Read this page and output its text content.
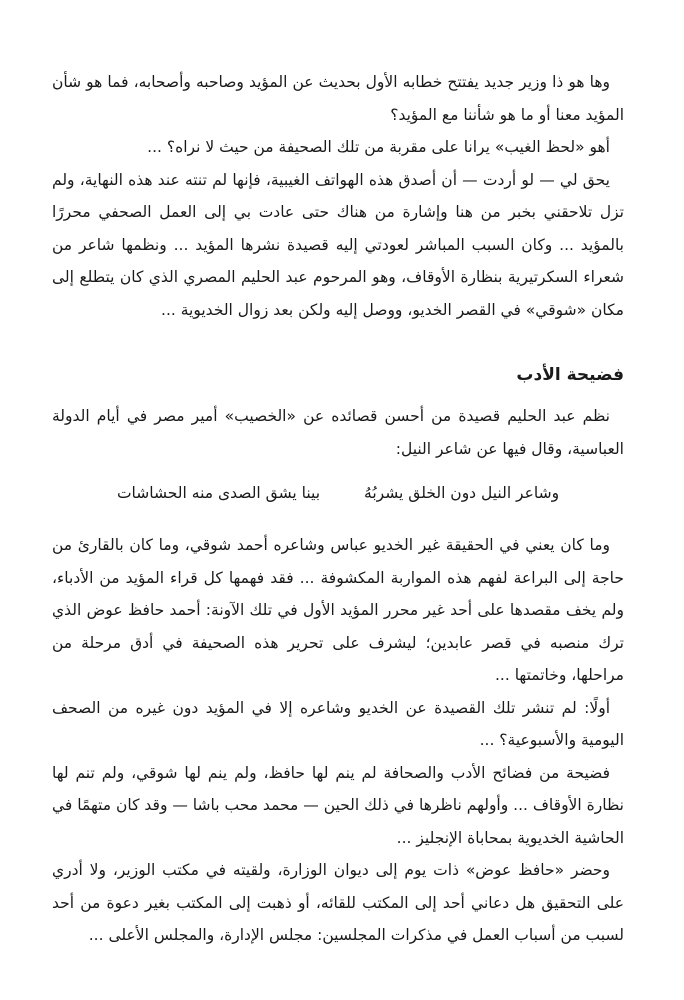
وها هو ذا وزير جديد يفتتح خطابه الأول بحديث عن المؤيد وصاحبه وأصحابه، فما هو شأن المؤيد معنا أو ما هو شأننا مع المؤيد؟

أهو «لحظ الغيب» يرانا على مقربة من تلك الصحيفة من حيث لا نراه؟ ...

يحق لي — لو أردت — أن أصدق هذه الهواتف الغيبية، فإنها لم تنته عند هذه النهاية، ولم تزل تلاحقني بخبر من هنا وإشارة من هناك حتى عادت بي إلى العمل الصحفي محررًا بالمؤيد ... وكان السبب المباشر لعودتي إليه قصيدة نشرها المؤيد ... ونظمها شاعر من شعراء السكرتيرية بنظارة الأوقاف، وهو المرحوم عبد الحليم المصري الذي كان يتطلع إلى مكان «شوقي» في القصر الخديو، ووصل إليه ولكن بعد زوال الخديوية ...

فضيحة الأدب

نظم عبد الحليم قصيدة من أحسن قصائده عن «الخصيب» أمير مصر في أيام الدولة العباسية، وقال فيها عن شاعر النيل:

وشاعر النيل دون الخلق يشربُهُ
بينا يشق الصدى منه الحشاشات

وما كان يعني في الحقيقة غير الخديو عباس وشاعره أحمد شوقي، وما كان بالقارئ من حاجة إلى البراعة لفهم هذه المواربة المكشوفة ... فقد فهمها كل قراء المؤيد من الأدباء، ولم يخف مقصدها على أحد غير محرر المؤيد الأول في تلك الآونة: أحمد حافظ عوض الذي ترك منصبه في قصر عابدين؛ ليشرف على تحرير هذه الصحيفة في أدق مرحلة من مراحلها، وخاتمتها ...

أولًا: لم تنشر تلك القصيدة عن الخديو وشاعره إلا في المؤيد دون غيره من الصحف اليومية والأسبوعية؟ ...

فضيحة من فضائح الأدب والصحافة لم ينم لها حافظ، ولم ينم لها شوقي، ولم تنم لها نظارة الأوقاف ... وأولهم ناظرها في ذلك الحين — محمد محب باشا — وقد كان متهمًا في الحاشية الخديوية بمحاباة الإنجليز ...

وحضر «حافظ عوض» ذات يوم إلى ديوان الوزارة، ولقيته في مكتب الوزير، ولا أدري على التحقيق هل دعاني أحد إلى المكتب للقائه، أو ذهبت إلى المكتب بغير دعوة من أحد لسبب من أسباب العمل في مذكرات المجلسين: مجلس الإدارة، والمجلس الأعلى ...
